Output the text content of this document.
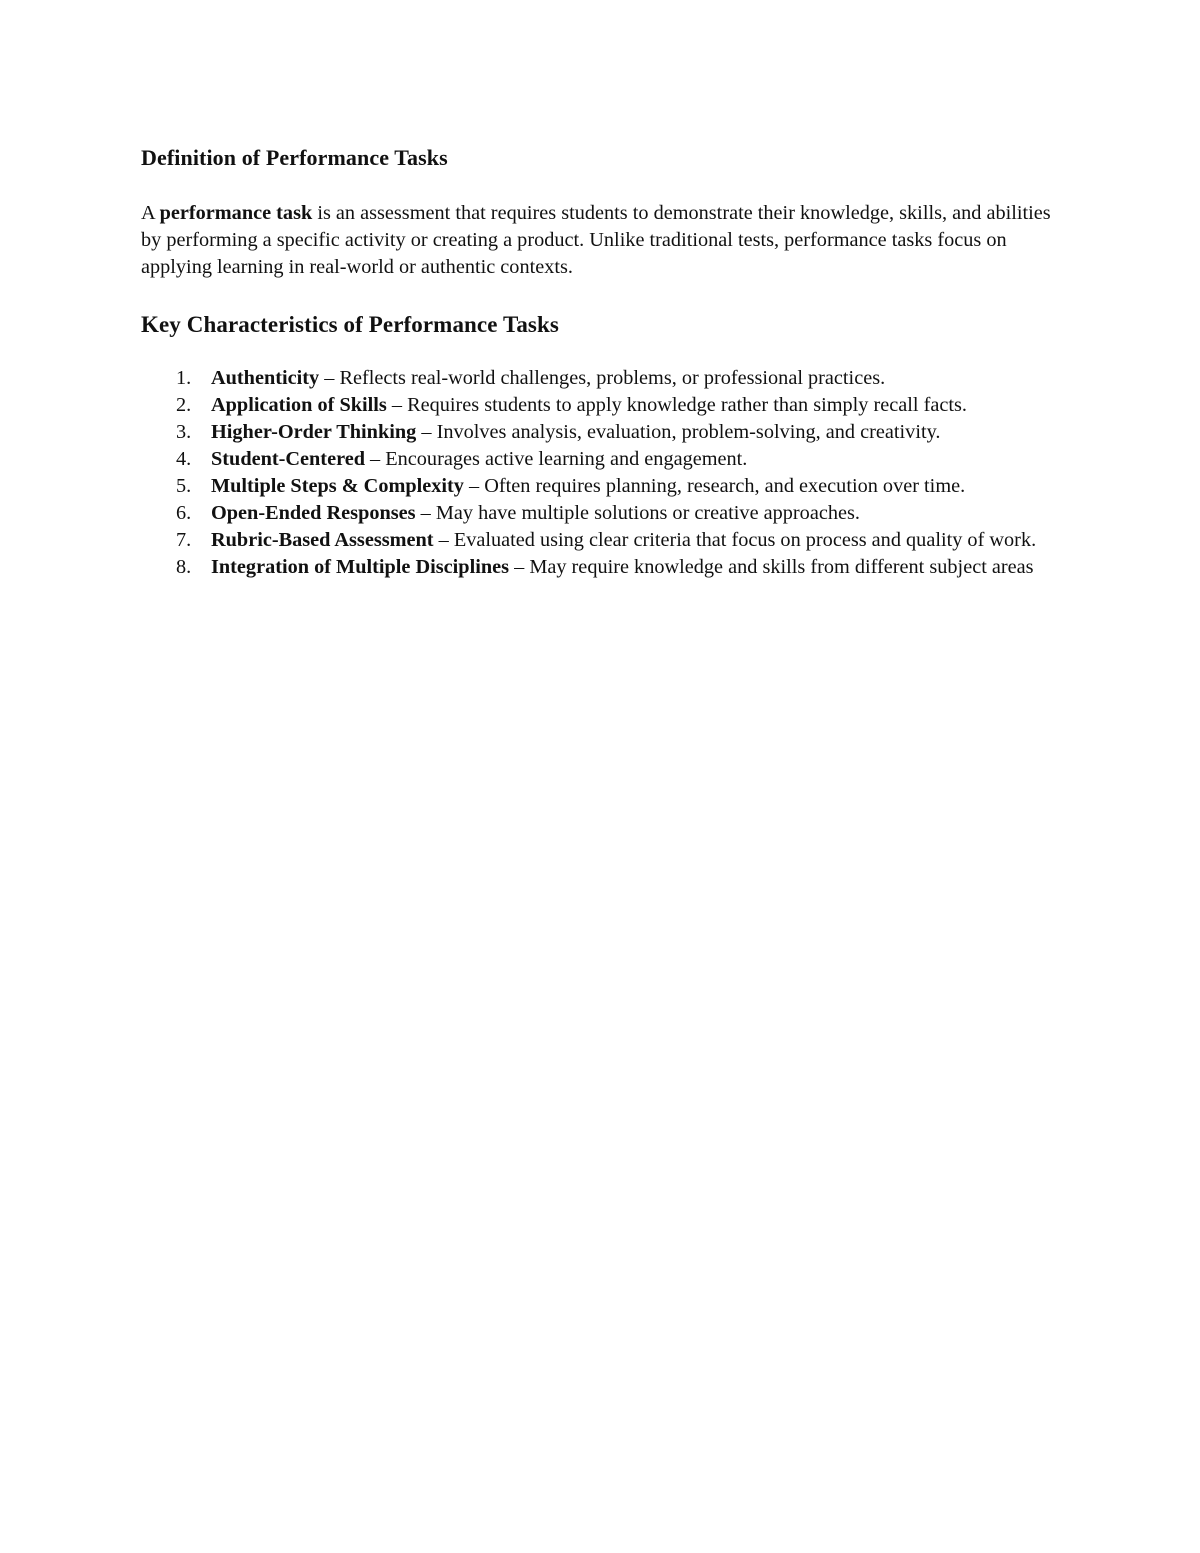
Definition of Performance Tasks

A performance task is an assessment that requires students to demonstrate their knowledge, skills, and abilities by performing a specific activity or creating a product. Unlike traditional tests, performance tasks focus on applying learning in real-world or authentic contexts.

Key Characteristics of Performance Tasks
1. Authenticity – Reflects real-world challenges, problems, or professional practices.
2. Application of Skills – Requires students to apply knowledge rather than simply recall facts.
3. Higher-Order Thinking – Involves analysis, evaluation, problem-solving, and creativity.
4. Student-Centered – Encourages active learning and engagement.
5. Multiple Steps & Complexity – Often requires planning, research, and execution over time.
6. Open-Ended Responses – May have multiple solutions or creative approaches.
7. Rubric-Based Assessment – Evaluated using clear criteria that focus on process and quality of work.
8. Integration of Multiple Disciplines – May require knowledge and skills from different subject areas
